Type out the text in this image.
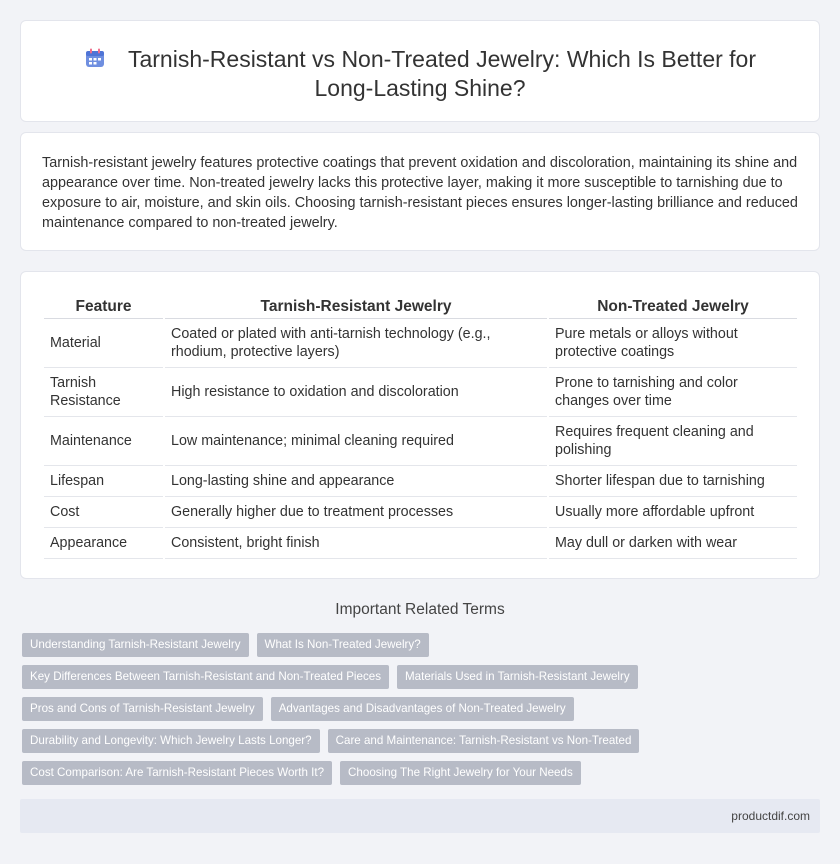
Tarnish-Resistant vs Non-Treated Jewelry: Which Is Better for Long-Lasting Shine?

Tarnish-resistant jewelry features protective coatings that prevent oxidation and discoloration, maintaining its shine and appearance over time. Non-treated jewelry lacks this protective layer, making it more susceptible to tarnishing due to exposure to air, moisture, and skin oils. Choosing tarnish-resistant pieces ensures longer-lasting brilliance and reduced maintenance compared to non-treated jewelry.

Feature	Tarnish-Resistant Jewelry	Non-Treated Jewelry
Material	Coated or plated with anti-tarnish technology (e.g., rhodium, protective layers)	Pure metals or alloys without protective coatings
Tarnish Resistance	High resistance to oxidation and discoloration	Prone to tarnishing and color changes over time
Maintenance	Low maintenance; minimal cleaning required	Requires frequent cleaning and polishing
Lifespan	Long-lasting shine and appearance	Shorter lifespan due to tarnishing
Cost	Generally higher due to treatment processes	Usually more affordable upfront
Appearance	Consistent, bright finish	May dull or darken with wear
Important Related Terms
Understanding Tarnish-Resistant Jewelry	What Is Non-Treated Jewelry?
Key Differences Between Tarnish-Resistant and Non-Treated Pieces	Materials Used in Tarnish-Resistant Jewelry
Pros and Cons of Tarnish-Resistant Jewelry	Advantages and Disadvantages of Non-Treated Jewelry
Durability and Longevity: Which Jewelry Lasts Longer?	Care and Maintenance: Tarnish-Resistant vs Non-Treated
Cost Comparison: Are Tarnish-Resistant Pieces Worth It?	Choosing The Right Jewelry for Your Needs
productdif.com
